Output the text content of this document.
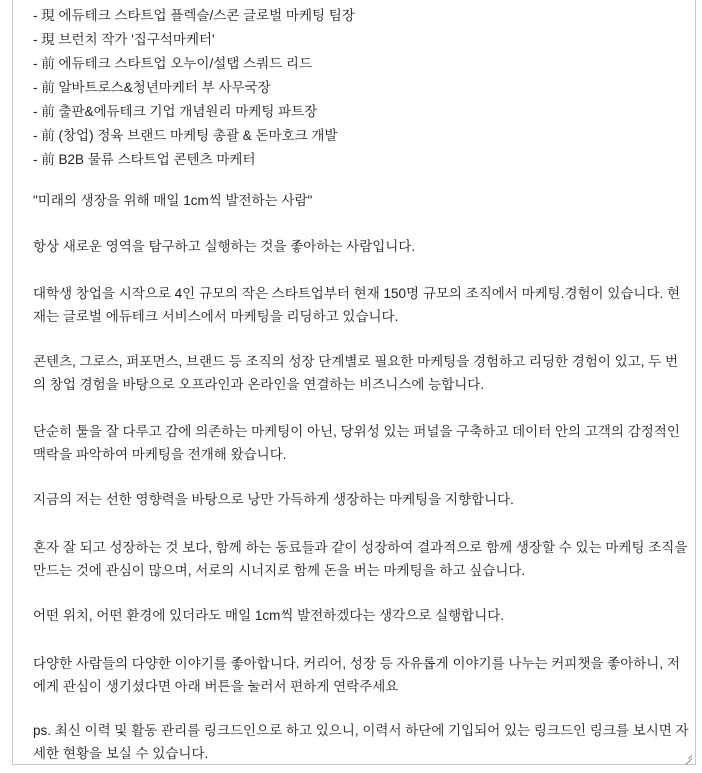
- 現 에듀테크 스타트업 플렉슬/스콘 글로벌 마케팅 팀장
- 現 브런치 작가 '집구석마케터'
- 前 에듀테크 스타트업 오누이/설탭 스쿼드 리드
- 前 알바트로스&청년마케터 부 사무국장
- 前 출판&에듀테크 기업 개념원리 마케팅 파트장
- 前 (창업) 정육 브랜드 마케팅 총괄 & 돈마호크 개발
- 前 B2B 물류 스타트업 콘텐츠 마케터

"미래의 생장을 위해 매일 1cm씩 발전하는 사람"

항상 새로운 영역을 탐구하고 실행하는 것을 좋아하는 사람입니다.

대학생 창업을 시작으로 4인 규모의 작은 스타트업부터 현재 150명 규모의 조직에서 마케팅.경험이 있습니다. 현재는 글로벌 에듀테크 서비스에서 마케팅을 리딩하고 있습니다.

콘텐츠, 그로스, 퍼포먼스, 브랜드 등 조직의 성장 단계별로 필요한 마케팅을 경험하고 리딩한 경험이 있고, 두 번의 창업 경험을 바탕으로 오프라인과 온라인을 연결하는 비즈니스에 능합니다.

단순히 툴을 잘 다루고 감에 의존하는 마케팅이 아닌, 당위성 있는 퍼널을 구축하고 데이터 안의 고객의 감정적인 맥락을 파악하여 마케팅을 전개해 왔습니다.

지금의 저는 선한 영향력을 바탕으로 낭만 가득하게 생장하는 마케팅을 지향합니다.

혼자 잘 되고 성장하는 것 보다, 함께 하는 동료들과 같이 성장하여 결과적으로 함께 생장할 수 있는 마케팅 조직을 만드는 것에 관심이 많으며, 서로의 시너지로 함께 돈을 버는 마케팅을 하고 싶습니다.

어떤 위치, 어떤 환경에 있더라도 매일 1cm씩 발전하겠다는 생각으로 실행합니다.

다양한 사람들의 다양한 이야기를 좋아합니다. 커리어, 성장 등 자유롭게 이야기를 나누는 커피챗을 좋아하니, 저에게 관심이 생기셨다면 아래 버튼을 눌러서 편하게 연락주세요

ps. 최신 이력 및 활동 관리를 링크드인으로 하고 있으니, 이력서 하단에 기입되어 있는 링크드인 링크를 보시면 자세한 현황을 보실 수 있습니다.
